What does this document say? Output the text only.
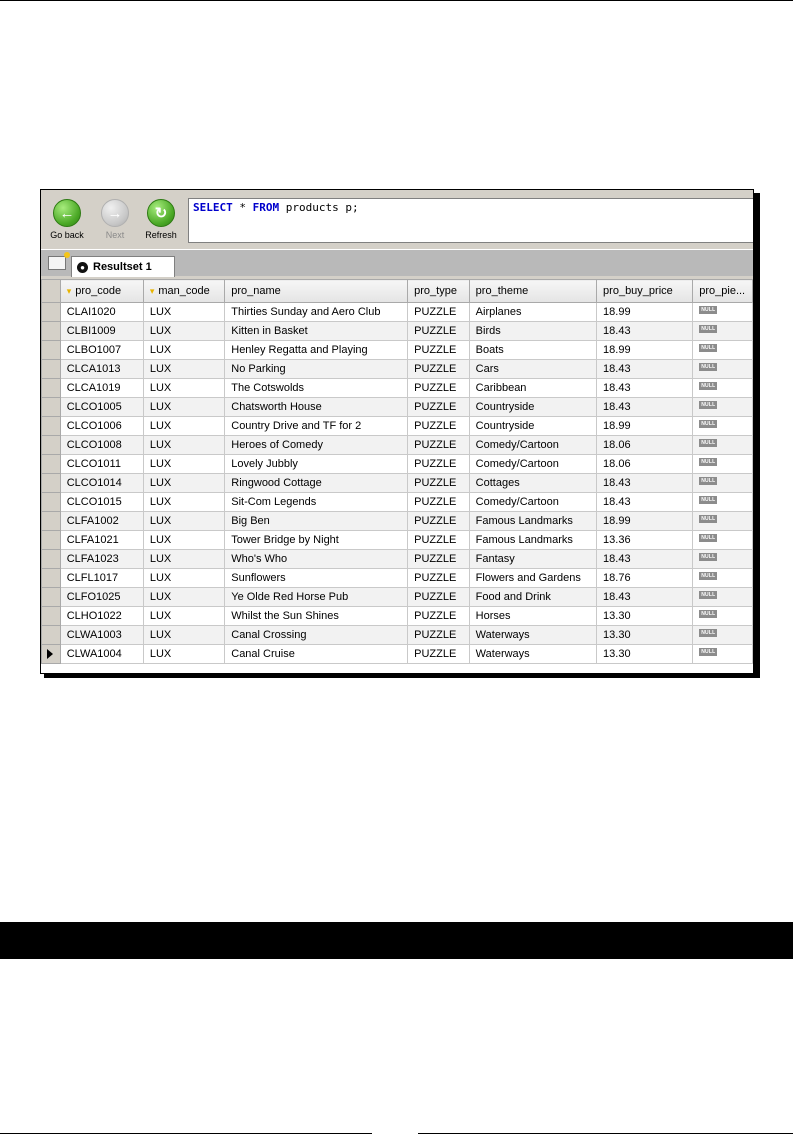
←
Go back
→
Next
↻
Refresh
SELECT * FROM products p;
● Resultset 1
	▾ pro_code	▾ man_code	pro_name	pro_type	pro_theme	pro_buy_price	pro_pie...
	CLAI1020	LUX	Thirties Sunday and Aero Club	PUZZLE	Airplanes	18.99	NULL
	CLBI1009	LUX	Kitten in Basket	PUZZLE	Birds	18.43	NULL
	CLBO1007	LUX	Henley Regatta and Playing	PUZZLE	Boats	18.99	NULL
	CLCA1013	LUX	No Parking	PUZZLE	Cars	18.43	NULL
	CLCA1019	LUX	The Cotswolds	PUZZLE	Caribbean	18.43	NULL
	CLCO1005	LUX	Chatsworth House	PUZZLE	Countryside	18.43	NULL
	CLCO1006	LUX	Country Drive and TF for 2	PUZZLE	Countryside	18.99	NULL
	CLCO1008	LUX	Heroes of Comedy	PUZZLE	Comedy/Cartoon	18.06	NULL
	CLCO1011	LUX	Lovely Jubbly	PUZZLE	Comedy/Cartoon	18.06	NULL
	CLCO1014	LUX	Ringwood Cottage	PUZZLE	Cottages	18.43	NULL
	CLCO1015	LUX	Sit-Com Legends	PUZZLE	Comedy/Cartoon	18.43	NULL
	CLFA1002	LUX	Big Ben	PUZZLE	Famous Landmarks	18.99	NULL
	CLFA1021	LUX	Tower Bridge by Night	PUZZLE	Famous Landmarks	13.36	NULL
	CLFA1023	LUX	Who's Who	PUZZLE	Fantasy	18.43	NULL
	CLFL1017	LUX	Sunflowers	PUZZLE	Flowers and Gardens	18.76	NULL
	CLFO1025	LUX	Ye Olde Red Horse Pub	PUZZLE	Food and Drink	18.43	NULL
	CLHO1022	LUX	Whilst the Sun Shines	PUZZLE	Horses	13.30	NULL
	CLWA1003	LUX	Canal Crossing	PUZZLE	Waterways	13.30	NULL

	CLWA1004	LUX	Canal Cruise	PUZZLE	Waterways	13.30	NULL
